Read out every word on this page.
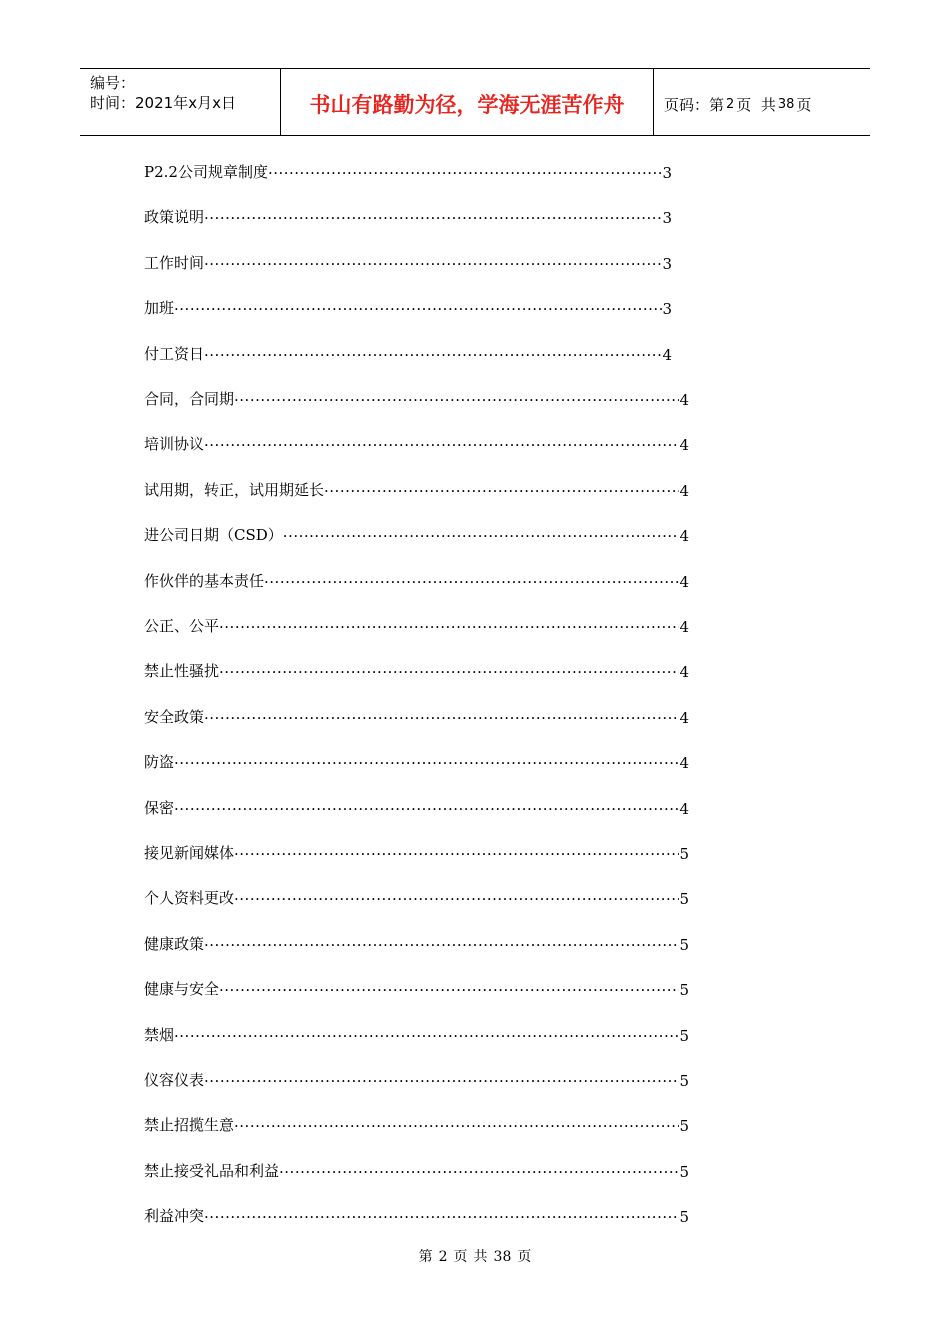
编号：
时间：2021年x月x日	书山有路勤为径，学海无涯苦作舟	页码：第 2 页
共 38 页
P2.2公司规章制度 ·····	3
政策说明 ·····	3
工作时间 ·····	3
加班 ·····	3
付工资日 ·····	4
合同，合同期 ·····	4
培训协议 ·····	4
试用期，转正，试用期延长 ·····	4
进公司日期（CSD） ·····	4
作伙伴的基本责任 ·····	4
公正、公平 ·····	4
禁止性骚扰 ·····	4
安全政策 ·····	4
防盗 ·····	4
保密 ·····	4
接见新闻媒体 ·····	5
个人资料更改 ·····	5
健康政策 ·····	5
健康与安全 ·····	5
禁烟 ·····	5
仪容仪表 ·····	5
禁止招揽生意 ·····	5
禁止接受礼品和利益 ·····	5
利益冲突 ·····	5
第 2 页 共 38 页
